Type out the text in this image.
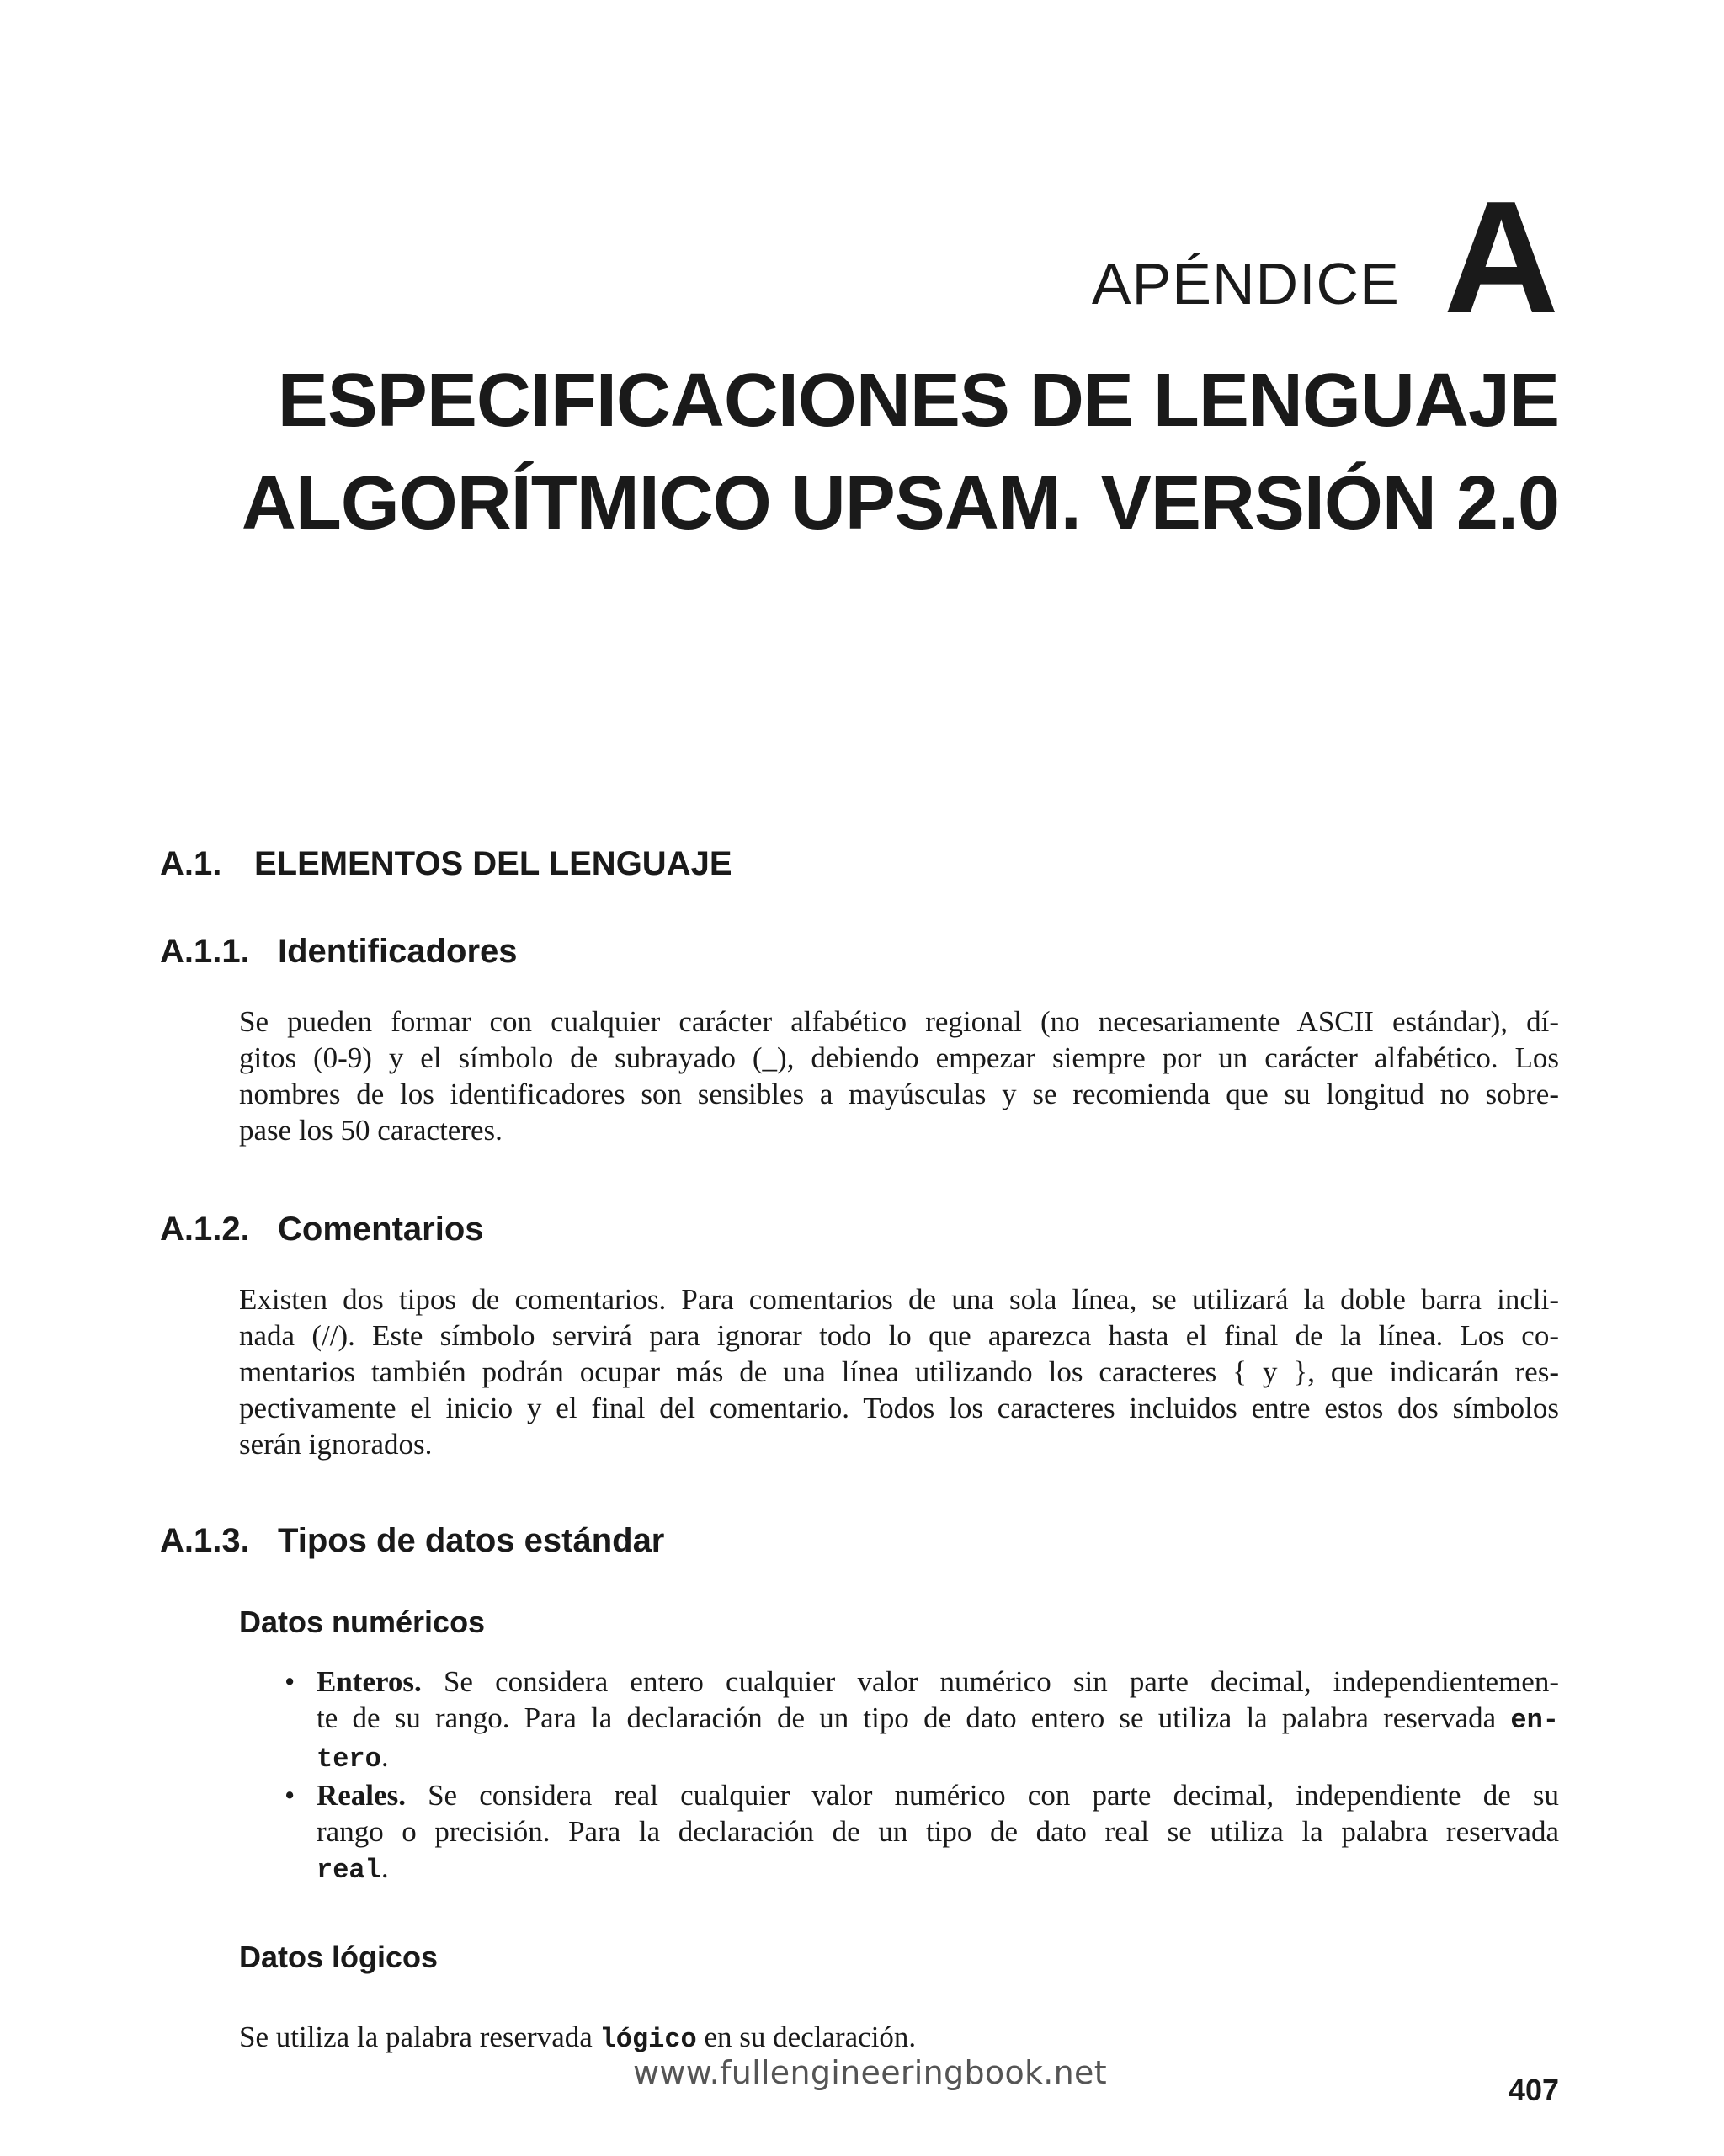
APÉNDICE A
ESPECIFICACIONES DE LENGUAJE
ALGORÍTMICO UPSAM. VERSIÓN 2.0
A.1. ELEMENTOS DEL LENGUAJE
A.1.1. Identificadores

Se pueden formar con cualquier carácter alfabético regional (no necesariamente ASCII estándar), dí-
gitos (0-9) y el símbolo de subrayado (_), debiendo empezar siempre por un carácter alfabético. Los
nombres de los identificadores son sensibles a mayúsculas y se recomienda que su longitud no sobre-
pase los 50 caracteres.

A.1.2. Comentarios

Existen dos tipos de comentarios. Para comentarios de una sola línea, se utilizará la doble barra incli-
nada (//). Este símbolo servirá para ignorar todo lo que aparezca hasta el final de la línea. Los co-
mentarios también podrán ocupar más de una línea utilizando los caracteres { y }, que indicarán res-
pectivamente el inicio y el final del comentario. Todos los caracteres incluidos entre estos dos símbolos
serán ignorados.

A.1.3. Tipos de datos estándar
Datos numéricos
• Enteros. Se considera entero cualquier valor numérico sin parte decimal, independientemen-
te de su rango. Para la declaración de un tipo de dato entero se utiliza la palabra reservada en-
tero.
• Reales. Se considera real cualquier valor numérico con parte decimal, independiente de su
rango o precisión. Para la declaración de un tipo de dato real se utiliza la palabra reservada
real.
Datos lógicos

Se utiliza la palabra reservada lógico en su declaración.

www.fullengineeringbook.net	407
